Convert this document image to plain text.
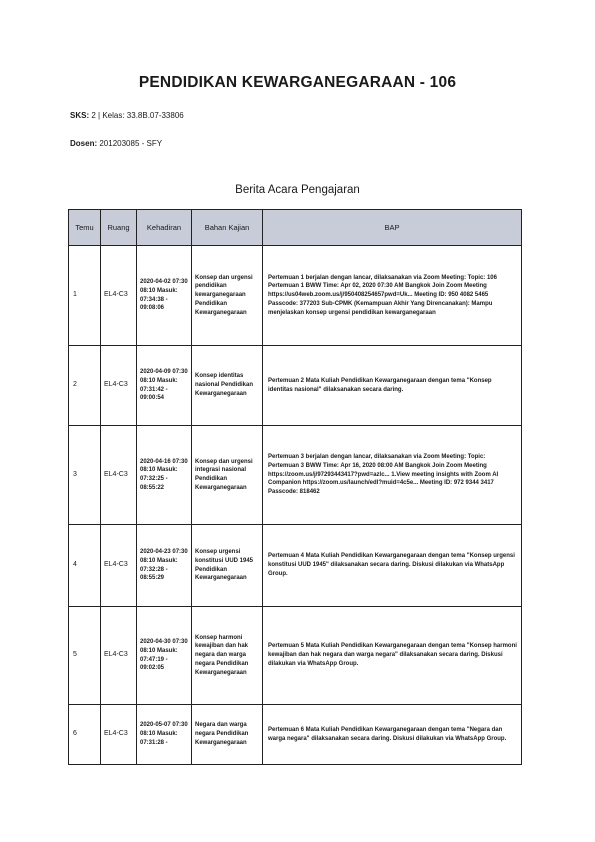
PENDIDIKAN KEWARGANEGARAAN - 106
SKS: 2 | Kelas: 33.8B.07-33806
Dosen: 201203085 - SFY
Berita Acara Pengajaran
Temu	Ruang	Kehadiran	Bahan Kajian	BAP
1	EL4-C3	2020-04-02 07:30 08:10 Masuk: 07:34:38 - 09:08:06	Konsep dan urgensi pendidikan kewarganegaraan Pendidikan Kewarganegaraan	Pertemuan 1 berjalan dengan lancar, dilaksanakan via Zoom Meeting: Topic: 106 Pertemuan 1 BWW Time: Apr 02, 2020 07:30 AM Bangkok Join Zoom Meeting https://us04web.zoom.us/j/950408254657pwd=Uk... Meeting ID: 950 4082 5465 Passcode: 377203 Sub-CPMK (Kemampuan Akhir Yang Direncanakan): Mampu menjelaskan konsep urgensi pendidikan kewarganegaraan
2	EL4-C3	2020-04-09 07:30 08:10 Masuk: 07:31:42 - 09:00:54	Konsep identitas nasional Pendidikan Kewarganegaraan	Pertemuan 2 Mata Kuliah Pendidikan Kewarganegaraan dengan tema "Konsep identitas nasional" dilaksanakan secara daring.
3	EL4-C3	2020-04-16 07:30 08:10 Masuk: 07:32:25 - 08:55:22	Konsep dan urgensi integrasi nasional Pendidikan Kewarganegaraan	Pertemuan 3 berjalan dengan lancar, dilaksanakan via Zoom Meeting: Topic: Pertemuan 3 BWW Time: Apr 16, 2020 08:00 AM Bangkok Join Zoom Meeting https://zoom.us/j/97293443417?pwd=azlc... 1.View meeting insights with Zoom AI Companion https://zoom.us/launch/edl?muid=4c5e... Meeting ID: 972 9344 3417 Passcode: 818462
4	EL4-C3	2020-04-23 07:30 08:10 Masuk: 07:32:28 - 08:55:29	Konsep urgensi konstitusi UUD 1945 Pendidikan Kewarganegaraan	Pertemuan 4 Mata Kuliah Pendidikan Kewarganegaraan dengan tema "Konsep urgensi konstitusi UUD 1945" dilaksanakan secara daring. Diskusi dilakukan via WhatsApp Group.
5	EL4-C3	2020-04-30 07:30 08:10 Masuk: 07:47:19 - 09:02:05	Konsep harmoni kewajiban dan hak negara dan warga negara Pendidikan Kewarganegaraan	Pertemuan 5 Mata Kuliah Pendidikan Kewarganegaraan dengan tema "Konsep harmoni kewajiban dan hak negara dan warga negara" dilaksanakan secara daring. Diskusi dilakukan via WhatsApp Group.
6	EL4-C3	2020-05-07 07:30 08:10 Masuk: 07:31:28 -	Negara dan warga negara Pendidikan Kewarganegaraan	Pertemuan 6 Mata Kuliah Pendidikan Kewarganegaraan dengan tema "Negara dan warga negara" dilaksanakan secara daring. Diskusi dilakukan via WhatsApp Group.
